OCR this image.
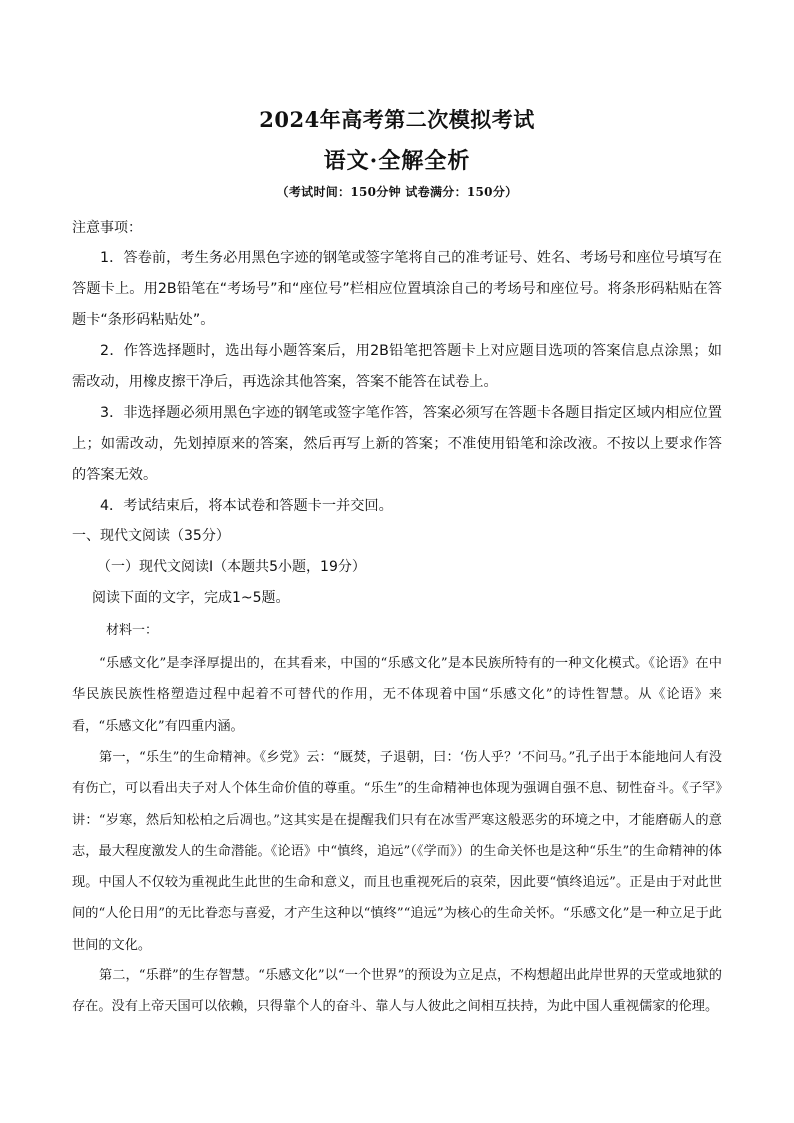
2024年高考第二次模拟考试
语文·全解全析
（考试时间：150分钟 试卷满分：150分）
注意事项：
1．答卷前，考生务必用黑色字迹的钢笔或签字笔将自己的准考证号、姓名、考场号和座位号填写在答题卡上。用2B铅笔在“考场号”和“座位号”栏相应位置填涂自己的考场号和座位号。将条形码粘贴在答题卡“条形码粘贴处”。
2．作答选择题时，选出每小题答案后，用2B铅笔把答题卡上对应题目选项的答案信息点涂黑；如需改动，用橡皮擦干净后，再选涂其他答案，答案不能答在试卷上。
3．非选择题必须用黑色字迹的钢笔或签字笔作答，答案必须写在答题卡各题目指定区域内相应位置上；如需改动，先划掉原来的答案，然后再写上新的答案；不准使用铅笔和涂改液。不按以上要求作答的答案无效。
4．考试结束后，将本试卷和答题卡一并交回。
一、现代文阅读（35分）
（一）现代文阅读Ⅰ（本题共5小题，19分）
阅读下面的文字，完成1~5题。
材料一：
“乐感文化”是李泽厚提出的，在其看来，中国的“乐感文化”是本民族所特有的一种文化模式。《论语》在中华民族民族性格塑造过程中起着不可替代的作用，无不体现着中国“乐感文化”的诗性智慧。从《论语》来看，“乐感文化”有四重内涵。
第一，“乐生”的生命精神。《乡党》云：“厩焚，子退朝，曰：‘伤人乎？’不问马。”孔子出于本能地问人有没有伤亡，可以看出夫子对人个体生命价值的尊重。“乐生”的生命精神也体现为强调自强不息、韧性奋斗。《子罕》讲：“岁寒，然后知松柏之后凋也。”这其实是在提醒我们只有在冰雪严寒这般恶劣的环境之中，才能磨砺人的意志，最大程度激发人的生命潜能。《论语》中“慎终，追远”（《学而》）的生命关怀也是这种“乐生”的生命精神的体现。中国人不仅较为重视此生此世的生命和意义，而且也重视死后的哀荣，因此要“慎终追远”。正是由于对此世间的“人伦日用”的无比眷恋与喜爱，才产生这种以“慎终”“追远”为核心的生命关怀。“乐感文化”是一种立足于此世间的文化。
第二，“乐群”的生存智慧。“乐感文化”以“一个世界”的预设为立足点，不构想超出此岸世界的天堂或地狱的存在。没有上帝天国可以依赖，只得靠个人的奋斗、靠人与人彼此之间相互扶持，为此中国人重视儒家的伦理。
